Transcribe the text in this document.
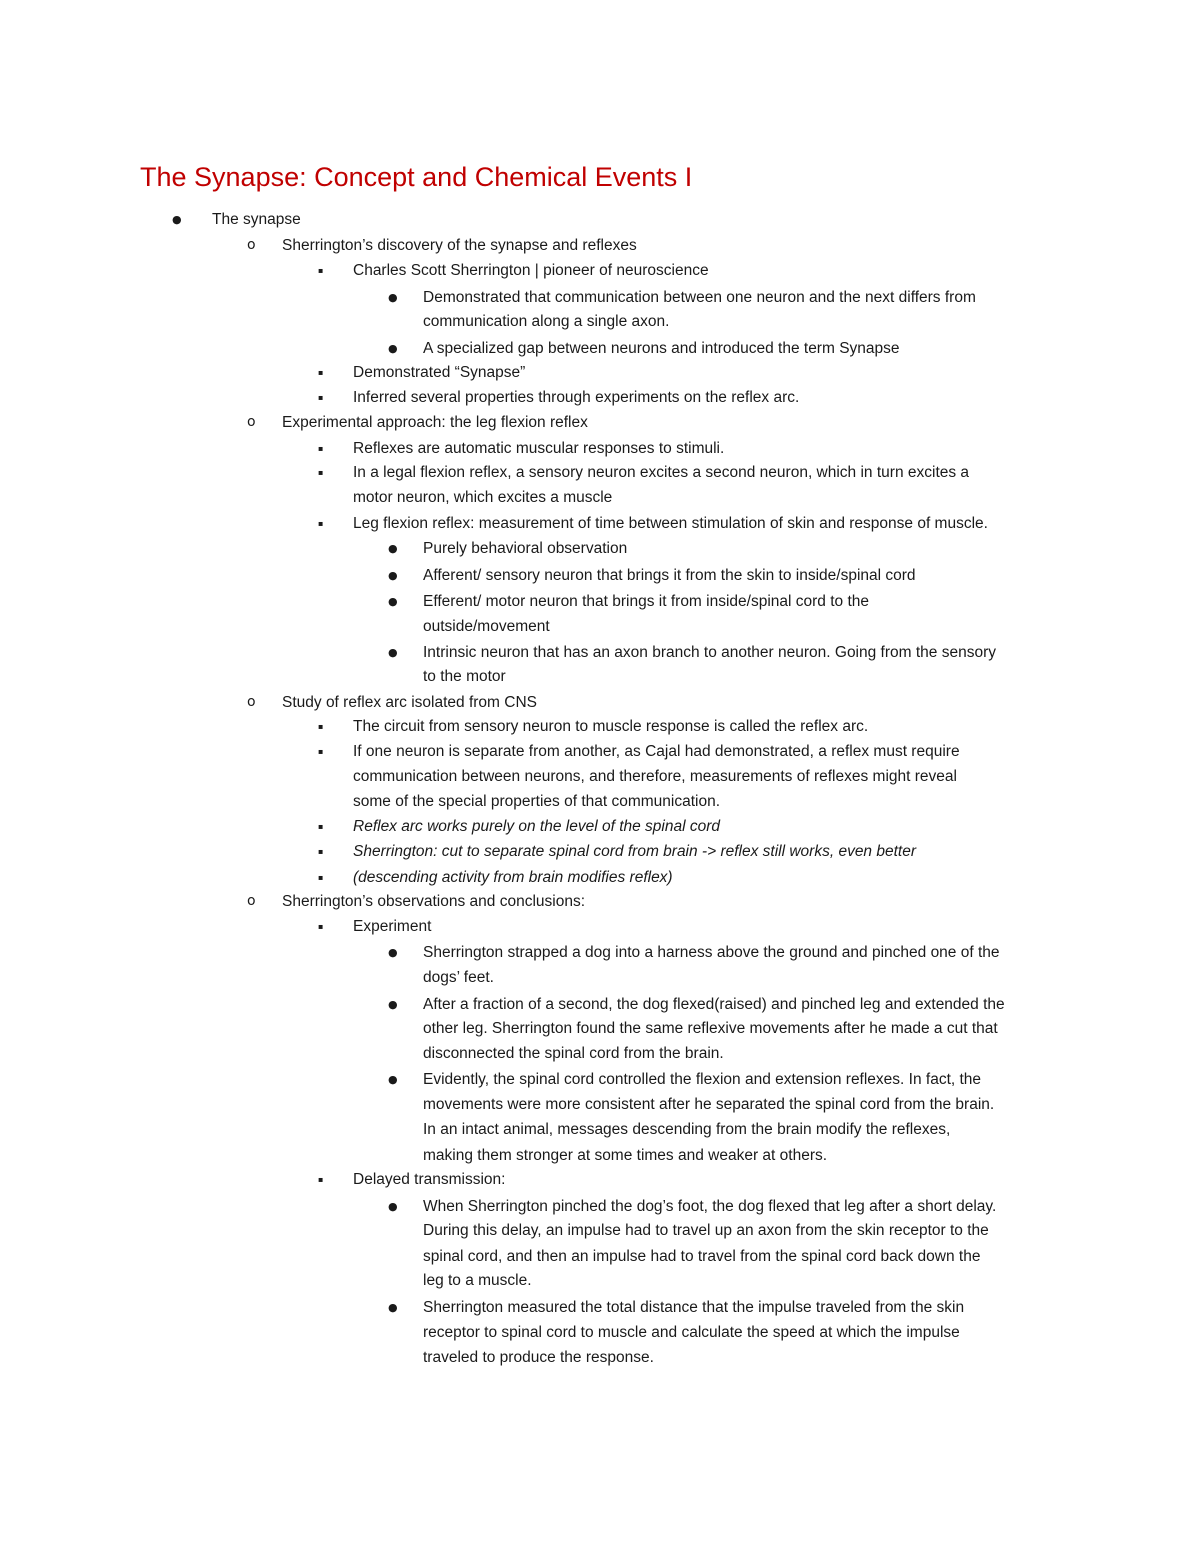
The Synapse: Concept and Chemical Events I
●
o
▪
●
●
▪
▪
o
▪
▪
▪
●
●
●
●
o
▪
▪
▪
▪
▪
o
▪
●
●
●
▪
●
●

The synapse

Sherrington’s discovery of the synapse and reflexes

Charles Scott Sherrington | pioneer of neuroscience

Demonstrated that communication between one neuron and the next differs from

communication along a single axon.

A specialized gap between neurons and introduced the term Synapse

Demonstrated “Synapse”

Inferred several properties through experiments on the reflex arc.

Experimental approach: the leg flexion reflex

Reflexes are automatic muscular responses to stimuli.

In a legal flexion reflex, a sensory neuron excites a second neuron, which in turn excites a

motor neuron, which excites a muscle

Leg flexion reflex: measurement of time between stimulation of skin and response of muscle.

Purely behavioral observation

Afferent/ sensory neuron that brings it from the skin to inside/spinal cord

Efferent/ motor neuron that brings it from inside/spinal cord to the

outside/movement

Intrinsic neuron that has an axon branch to another neuron. Going from the sensory

to the motor

Study of reflex arc isolated from CNS

The circuit from sensory neuron to muscle response is called the reflex arc.

If one neuron is separate from another, as Cajal had demonstrated, a reflex must require

communication between neurons, and therefore, measurements of reflexes might reveal

some of the special properties of that communication.

Reflex arc works purely on the level of the spinal cord

Sherrington: cut to separate spinal cord from brain -> reflex still works, even better

(descending activity from brain modifies reflex)

Sherrington’s observations and conclusions:

Experiment

Sherrington strapped a dog into a harness above the ground and pinched one of the

dogs’ feet.

After a fraction of a second, the dog flexed(raised) and pinched leg and extended the

other leg. Sherrington found the same reflexive movements after he made a cut that

disconnected the spinal cord from the brain.

Evidently, the spinal cord controlled the flexion and extension reflexes. In fact, the

movements were more consistent after he separated the spinal cord from the brain.

In an intact animal, messages descending from the brain modify the reflexes,

making them stronger at some times and weaker at others.

Delayed transmission:

When Sherrington pinched the dog’s foot, the dog flexed that leg after a short delay.

During this delay, an impulse had to travel up an axon from the skin receptor to the

spinal cord, and then an impulse had to travel from the spinal cord back down the

leg to a muscle.

Sherrington measured the total distance that the impulse traveled from the skin

receptor to spinal cord to muscle and calculate the speed at which the impulse

traveled to produce the response.
